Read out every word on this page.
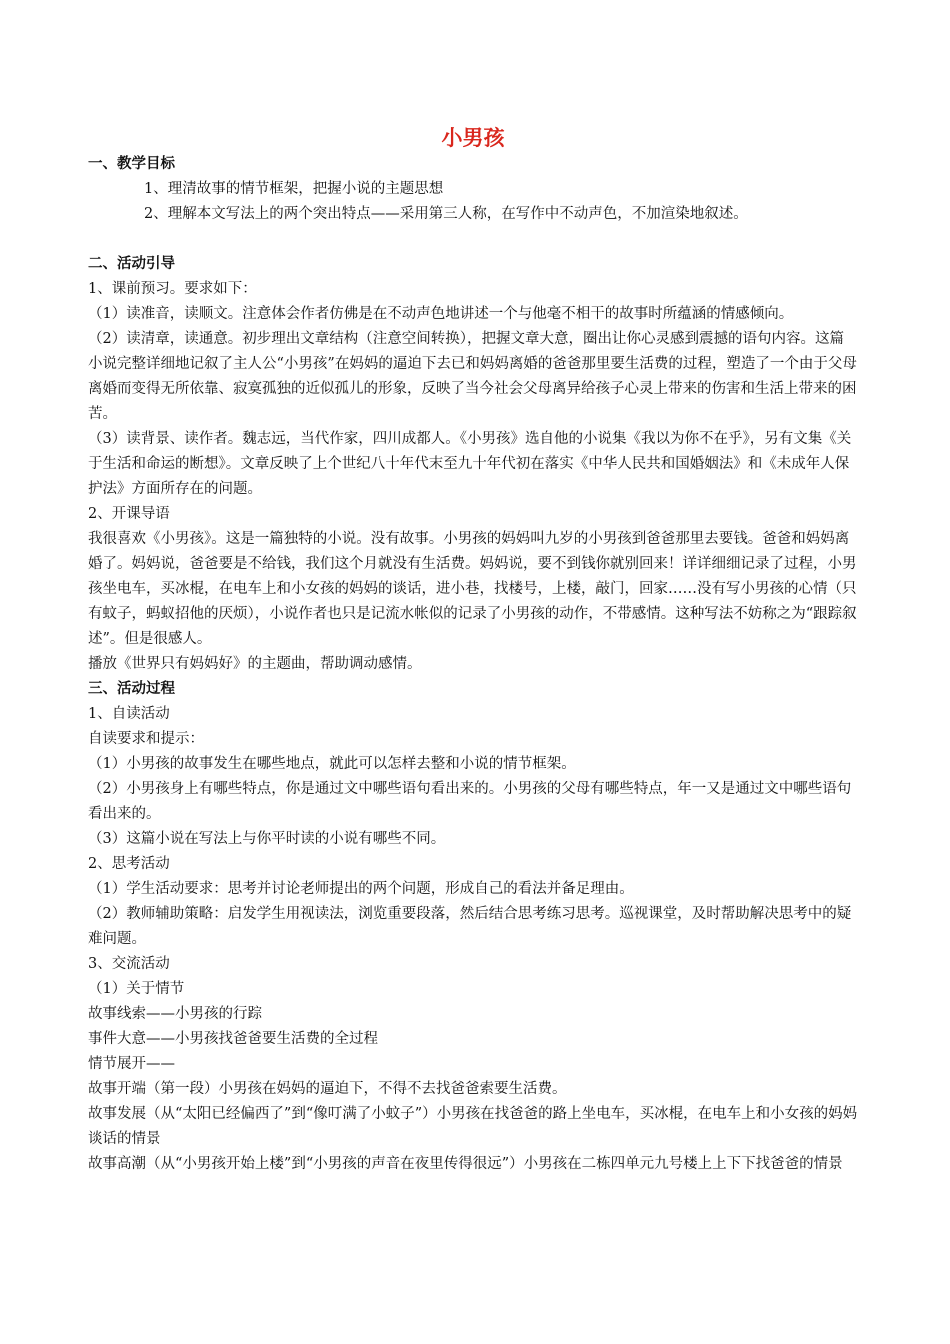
小男孩

一、教学目标

1、理清故事的情节框架，把握小说的主题思想

2、理解本文写法上的两个突出特点——采用第三人称，在写作中不动声色，不加渲染地叙述。

二、活动引导

1、课前预习。要求如下：

（1）读准音，读顺文。注意体会作者仿佛是在不动声色地讲述一个与他毫不相干的故事时所蕴涵的情感倾向。

（2）读清章，读通意。初步理出文章结构（注意空间转换），把握文章大意，圈出让你心灵感到震撼的语句内容。这篇小说完整详细地记叙了主人公“小男孩”在妈妈的逼迫下去已和妈妈离婚的爸爸那里要生活费的过程，塑造了一个由于父母离婚而变得无所依靠、寂寞孤独的近似孤儿的形象，反映了当今社会父母离异给孩子心灵上带来的伤害和生活上带来的困苦。

（3）读背景、读作者。魏志远，当代作家，四川成都人。《小男孩》选自他的小说集《我以为你不在乎》，另有文集《关于生活和命运的断想》。文章反映了上个世纪八十年代末至九十年代初在落实《中华人民共和国婚姻法》和《未成年人保护法》方面所存在的问题。

2、开课导语

我很喜欢《小男孩》。这是一篇独特的小说。没有故事。小男孩的妈妈叫九岁的小男孩到爸爸那里去要钱。爸爸和妈妈离婚了。妈妈说，爸爸要是不给钱，我们这个月就没有生活费。妈妈说，要不到钱你就别回来！详详细细记录了过程，小男孩坐电车，买冰棍，在电车上和小女孩的妈妈的谈话，进小巷，找楼号，上楼，敲门，回家……没有写小男孩的心情（只有蚊子，蚂蚁招他的厌烦），小说作者也只是记流水帐似的记录了小男孩的动作，不带感情。这种写法不妨称之为“跟踪叙述”。但是很感人。

播放《世界只有妈妈好》的主题曲，帮助调动感情。

三、活动过程

1、自读活动

自读要求和提示：

（1）小男孩的故事发生在哪些地点，就此可以怎样去整和小说的情节框架。

（2）小男孩身上有哪些特点，你是通过文中哪些语句看出来的。小男孩的父母有哪些特点，年一又是通过文中哪些语句看出来的。

（3）这篇小说在写法上与你平时读的小说有哪些不同。

2、思考活动

（1）学生活动要求：思考并讨论老师提出的两个问题，形成自己的看法并备足理由。

（2）教师辅助策略：启发学生用视读法，浏览重要段落，然后结合思考练习思考。巡视课堂，及时帮助解决思考中的疑难问题。

3、交流活动

（1）关于情节

故事线索——小男孩的行踪

事件大意——小男孩找爸爸要生活费的全过程

情节展开——

故事开端（第一段）小男孩在妈妈的逼迫下，不得不去找爸爸索要生活费。

故事发展（从“太阳已经偏西了”到“像叮满了小蚊子”）小男孩在找爸爸的路上坐电车，买冰棍，在电车上和小女孩的妈妈谈话的情景

故事高潮（从“小男孩开始上楼”到“小男孩的声音在夜里传得很远”）小男孩在二栋四单元九号楼上上下下找爸爸的情景
